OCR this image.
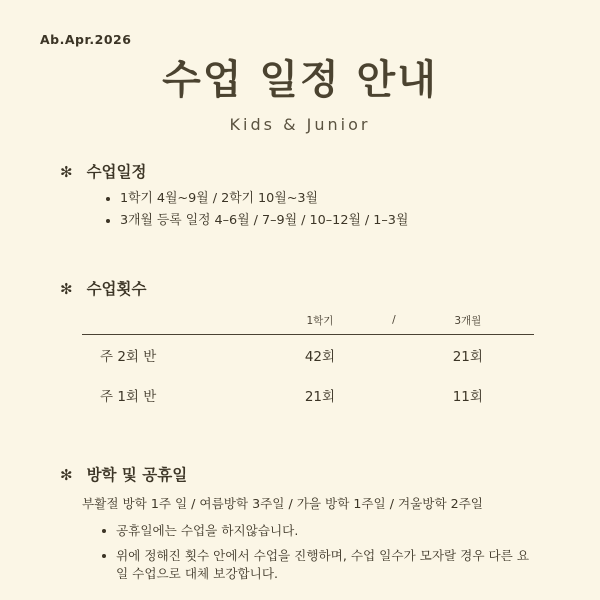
Ab.Apr.2026
수업 일정 안내
Kids & Junior
✻ 수업일정
1학기 4월~9월 / 2학기 10월~3월
3개월 등록 일정 4–6월 / 7–9월 / 10–12월 / 1–3월
✻ 수업횟수
	1학기	/	3개월

주 2회 반	42회		21회
주 1회 반	21회		11회
✻ 방학 및 공휴일
부활절 방학 1주 일 / 여름방학 3주일 / 가을 방학 1주일 / 겨울방학 2주일
공휴일에는 수업을 하지않습니다.
위에 정해진 횟수 안에서 수업을 진행하며, 수업 일수가 모자랄 경우 다른 요일 수업으로 대체 보강합니다.
